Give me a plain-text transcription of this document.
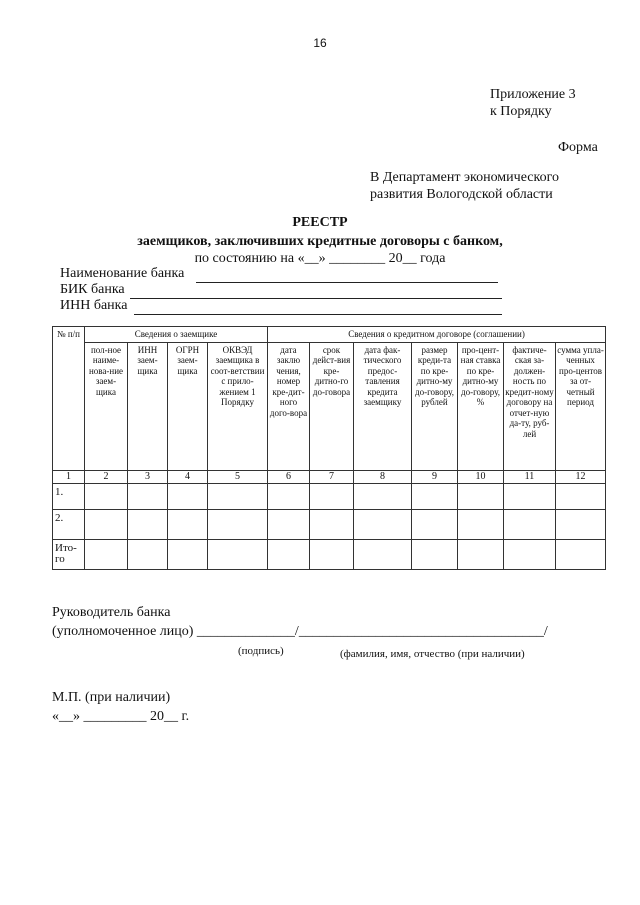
16
Приложение 3
к Порядку
Форма
В Департамент экономического
развития Вологодской области
РЕЕСТР
заемщиков, заключивших кредитные договоры с банком,
по состоянию на «__» ________ 20__ года
Наименование банка
БИК банка
ИНН банка
№ п/п	Сведения о заемщике				Сведения о кредитном договоре (соглашении)						
	пол-ное наиме-нова-ние заем-щика	ИНН заем-щика	ОГРН заем-щика	ОКВЭД заемщика в соот-ветствии с прило-жением 1 Порядку	дата заклю чения, номер кре-дит-ного дого-вора	срок дейст-вия кре-дитно-го до-говора	дата фак-тического предос-тавления кредита заемщику	размер креди-та по кре-дитно-му до-говору, рублей	про-цент-ная ставка по кре-дитно-му до-говору, %	фактиче-ская за-должен-ность по кредит-ному договору на отчет-ную да-ту, руб-лей	сумма упла-ченных про-центов за от-четный период
1	2	3	4	5	6	7	8	9	10	11	12
1.											
2.											
Ито-го											
Руководитель банка
(уполномоченное лицо) ______________/___________________________________/
(подпись)	(фамилия, имя, отчество (при наличии)
М.П. (при наличии)
«__» _________ 20__ г.
